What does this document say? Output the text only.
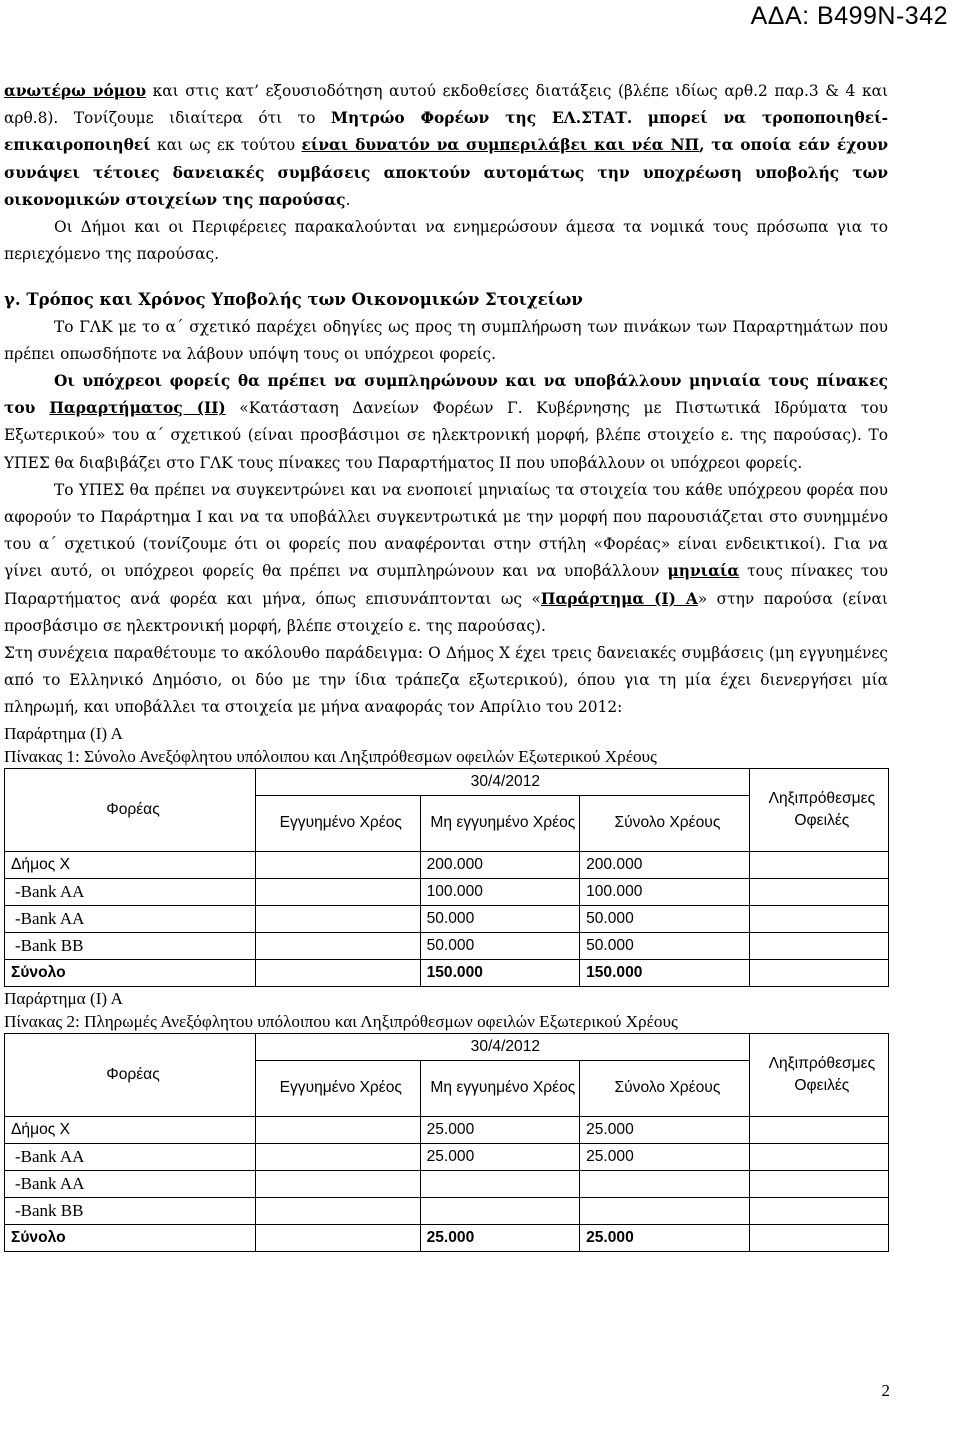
ΑΔΑ: Β499Ν-342

ανωτέρω νόμου και στις κατ’ εξουσιοδότηση αυτού εκδοθείσες διατάξεις (βλέπε ιδίως αρθ.2 παρ.3 & 4 και αρθ.8). Τονίζουμε ιδιαίτερα ότι το Μητρώο Φορέων της ΕΛ.ΣΤΑΤ. μπορεί να τροποποιηθεί-επικαιροποιηθεί και ως εκ τούτου είναι δυνατόν να συμπεριλάβει και νέα ΝΠ, τα οποία εάν έχουν συνάψει τέτοιες δανειακές συμβάσεις αποκτούν αυτομάτως την υποχρέωση υποβολής των οικονομικών στοιχείων της παρούσας.

Οι Δήμοι και οι Περιφέρειες παρακαλούνται να ενημερώσουν άμεσα τα νομικά τους πρόσωπα για το περιεχόμενο της παρούσας.

γ. Τρόπος και Χρόνος Υποβολής των Οικονομικών Στοιχείων

Το ΓΛΚ με το α΄ σχετικό παρέχει οδηγίες ως προς τη συμπλήρωση των πινάκων των Παραρτημάτων που πρέπει οπωσδήποτε να λάβουν υπόψη τους οι υπόχρεοι φορείς.

Οι υπόχρεοι φορείς θα πρέπει να συμπληρώνουν και να υποβάλλουν μηνιαία τους πίνακες του Παραρτήματος (ΙΙ) «Κατάσταση Δανείων Φορέων Γ. Κυβέρνησης με Πιστωτικά Ιδρύματα του Εξωτερικού» του α΄ σχετικού (είναι προσβάσιμοι σε ηλεκτρονική μορφή, βλέπε στοιχείο ε. της παρούσας). Το ΥΠΕΣ θα διαβιβάζει στο ΓΛΚ τους πίνακες του Παραρτήματος ΙΙ που υποβάλλουν οι υπόχρεοι φορείς.

Το ΥΠΕΣ θα πρέπει να συγκεντρώνει και να ενοποιεί μηνιαίως τα στοιχεία του κάθε υπόχρεου φορέα που αφορούν το Παράρτημα Ι και να τα υποβάλλει συγκεντρωτικά με την μορφή που παρουσιάζεται στο συνημμένο του α΄ σχετικού (τονίζουμε ότι οι φορείς που αναφέρονται στην στήλη «Φορέας» είναι ενδεικτικοί). Για να γίνει αυτό, οι υπόχρεοι φορείς θα πρέπει να συμπληρώνουν και να υποβάλλουν μηνιαία τους πίνακες του Παραρτήματος ανά φορέα και μήνα, όπως επισυνάπτονται ως «Παράρτημα (Ι) Α» στην παρούσα (είναι προσβάσιμο σε ηλεκτρονική μορφή, βλέπε στοιχείο ε. της παρούσας).

Στη συνέχεια παραθέτουμε το ακόλουθο παράδειγμα: Ο Δήμος Χ έχει τρεις δανειακές συμβάσεις (μη εγγυημένες από το Ελληνικό Δημόσιο, οι δύο με την ίδια τράπεζα εξωτερικού), όπου για τη μία έχει διενεργήσει μία πληρωμή, και υποβάλλει τα στοιχεία με μήνα αναφοράς τον Απρίλιο του 2012:

Παράρτημα (Ι) Α

Πίνακας 1: Σύνολο Ανεξόφλητου υπόλοιπου και Ληξιπρόθεσμων οφειλών Εξωτερικού Χρέους

Φορέας	30/4/2012			Ληξιπρόθεσμες Οφειλές
	Εγγυημένο Χρέος	Μη εγγυημένο Χρέος	Σύνολο Χρέους	
Δήμος Χ		200.000	200.000	
-Bank AA		100.000	100.000	
-Bank AA		50.000	50.000	
-Bank BB		50.000	50.000	
Σύνολο		150.000	150.000	

Παράρτημα (Ι) Α

Πίνακας 2: Πληρωμές Ανεξόφλητου υπόλοιπου και Ληξιπρόθεσμων οφειλών Εξωτερικού Χρέους

Φορέας	30/4/2012			Ληξιπρόθεσμες Οφειλές
	Εγγυημένο Χρέος	Μη εγγυημένο Χρέος	Σύνολο Χρέους	
Δήμος Χ		25.000	25.000	
-Bank AA		25.000	25.000	
-Bank AA				
-Bank BB				
Σύνολο		25.000	25.000	
2
